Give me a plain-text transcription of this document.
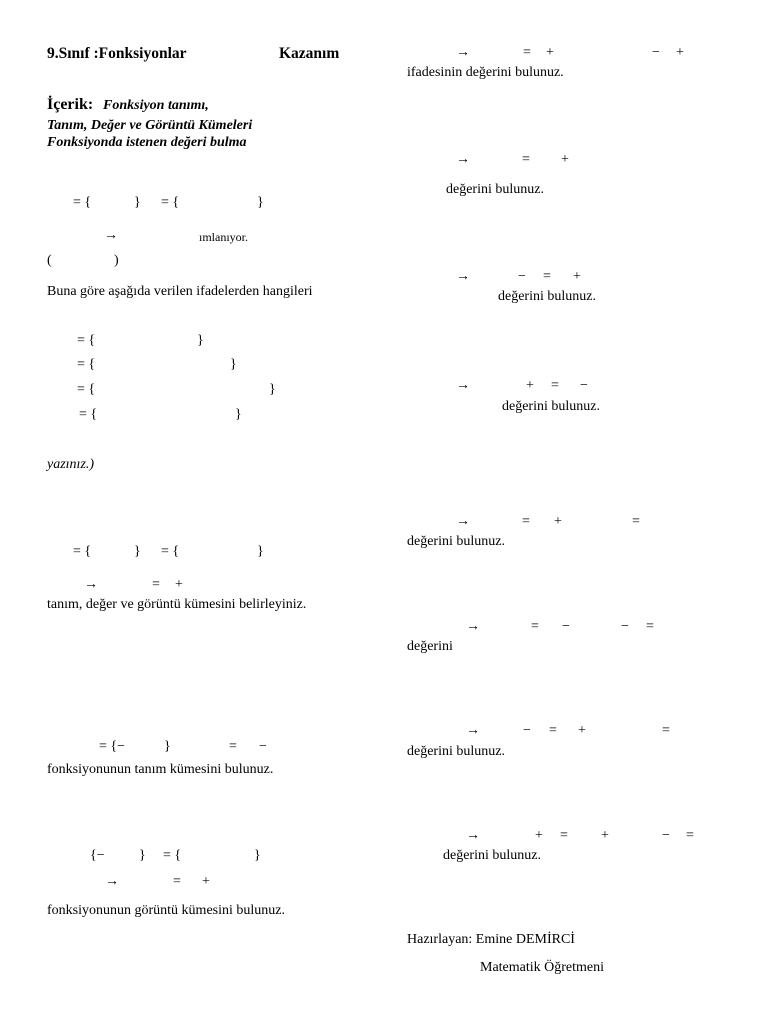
9.Sınıf :Fonksiyonlar	Kazanım
İçerik: Fonksiyon tanımı,
Tanım, Değer ve Görüntü Kümeleri
Fonksiyonda istenen değeri bulma
= {	} = {	}
→	ımlanıyor.
(	)
Buna göre aşağıda verilen ifadelerden hangileri
= {	}
= {	}
= {	}
= {	}
yazınız.)
= {	} = {	}
→	= +
tanım, değer ve görüntü kümesini belirleyiniz.
= {−	}	= −
fonksiyonunun tanım kümesini bulunuz.
{− } = {	}
→	= +
fonksiyonunun görüntü kümesini bulunuz.
→	= +	− +
ifadesinin değerini bulunuz.
→	= +
değerini bulunuz.
→	− = +
değerini bulunuz.
→	+ = −
değerini bulunuz.
→	= +	=
değerini bulunuz.
→	= −	− =
değerini
→	− = +	=
değerini bulunuz.
→	+ = +	− =
değerini bulunuz.
Hazırlayan: Emine DEMİRCİ
Matematik Öğretmeni
